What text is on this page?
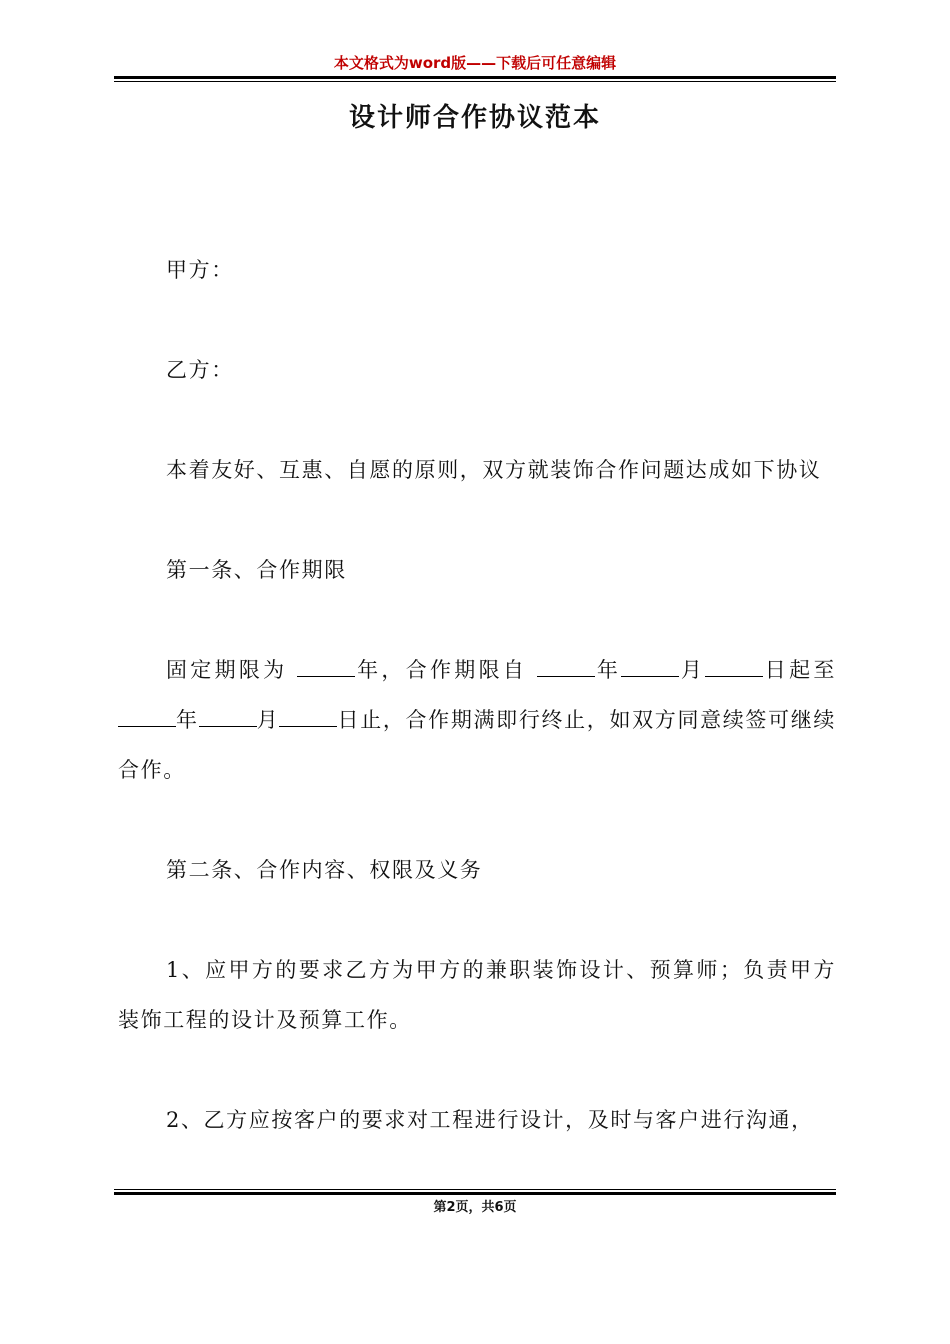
本文格式为word版——下载后可任意编辑
设计师合作协议范本

甲方：

乙方：

本着友好、互惠、自愿的原则，双方就装饰合作问题达成如下协议

第一条、合作期限

固定期限为	年，合作期限自	年	月	日起至 年	月	日止，合作期满即行终止，如双方同意续签可继续合作。

第二条、合作内容、权限及义务

1、应甲方的要求乙方为甲方的兼职装饰设计、预算师；负责甲方装饰工程的设计及预算工作。

2、乙方应按客户的要求对工程进行设计，及时与客户进行沟通，

第2页，共6页
